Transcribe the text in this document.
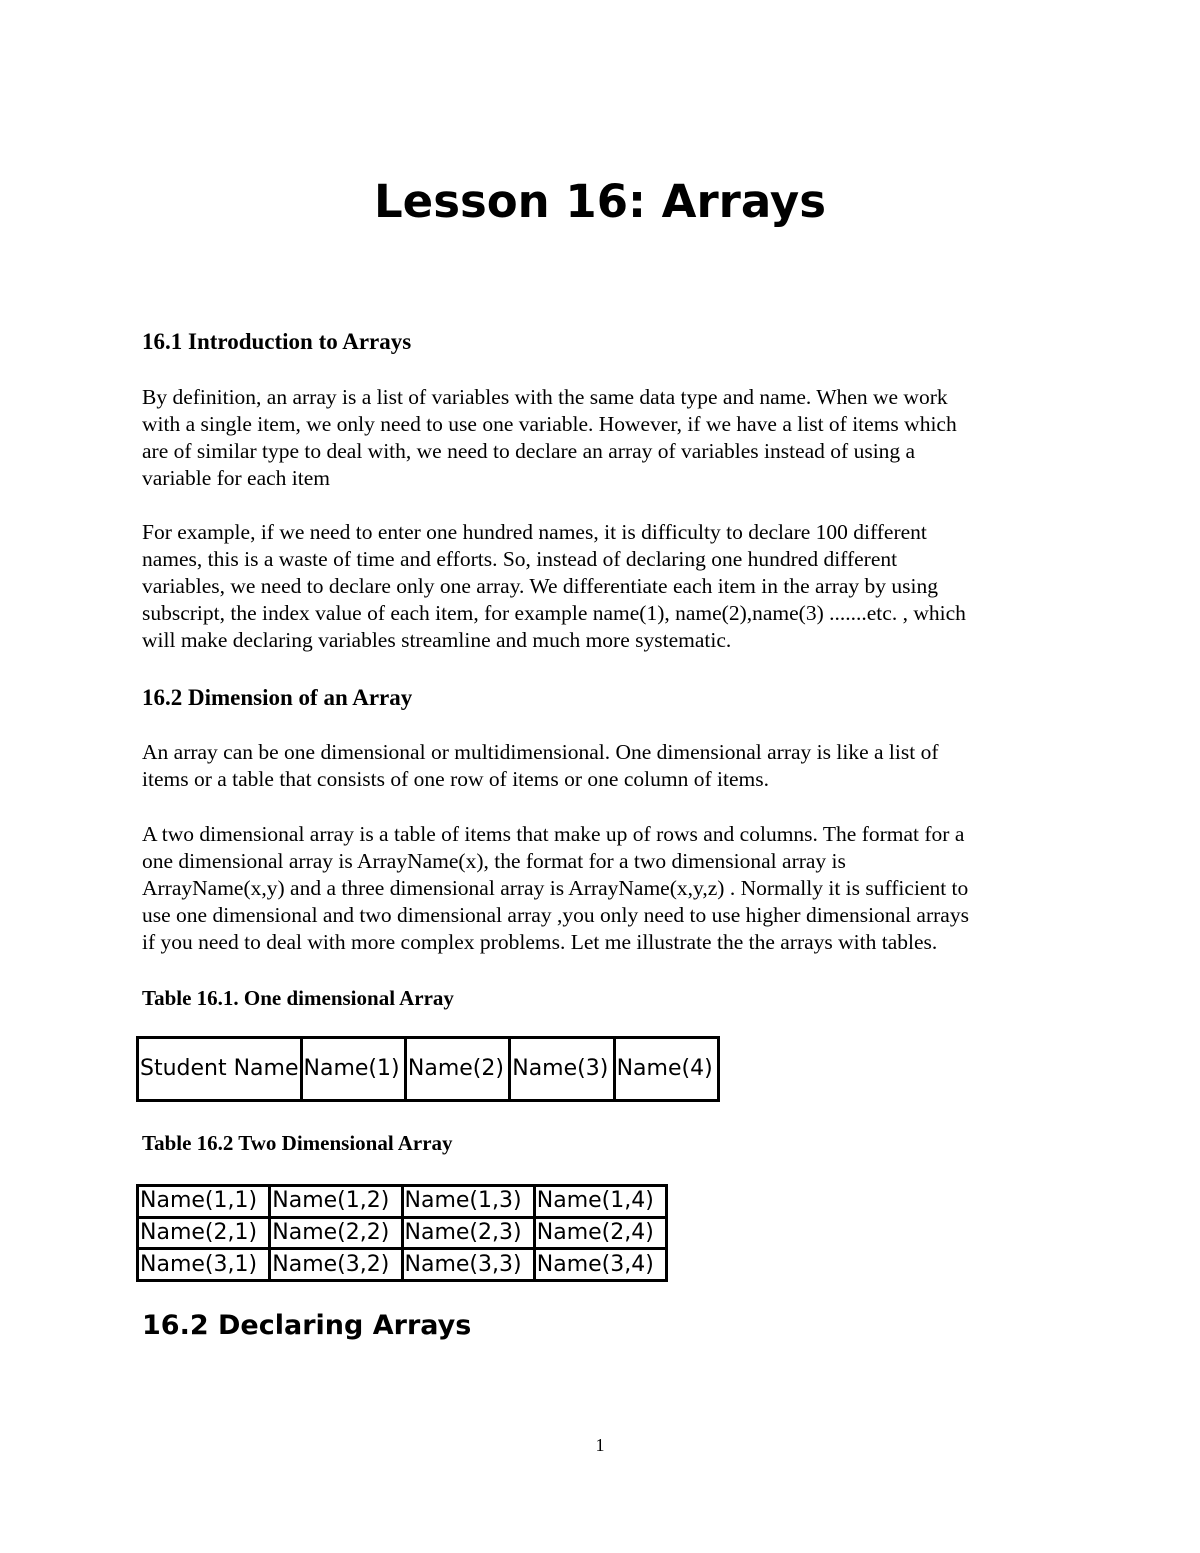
Lesson 16: Arrays
16.1 Introduction to Arrays

By definition, an array is a list of variables with the same data type and name. When we work
with a single item, we only need to use one variable. However, if we have a list of items which
are of similar type to deal with, we need to declare an array of variables instead of using a
variable for each item

For example, if we need to enter one hundred names, it is difficulty to declare 100 different
names, this is a waste of time and efforts. So, instead of declaring one hundred different
variables, we need to declare only one array. We differentiate each item in the array by using
subscript, the index value of each item, for example name(1), name(2),name(3) .......etc. , which
will make declaring variables streamline and much more systematic.

16.2 Dimension of an Array

An array can be one dimensional or multidimensional. One dimensional array is like a list of
items or a table that consists of one row of items or one column of items.

A two dimensional array is a table of items that make up of rows and columns. The format for a
one dimensional array is ArrayName(x), the format for a two dimensional array is
ArrayName(x,y) and a three dimensional array is ArrayName(x,y,z) . Normally it is sufficient to
use one dimensional and two dimensional array ,you only need to use higher dimensional arrays
if you need to deal with more complex problems. Let me illustrate the the arrays with tables.

Table 16.1. One dimensional Array

Student Name	Name(1)	Name(2)	Name(3)	Name(4)

Table 16.2 Two Dimensional Array

Name(1,1)	Name(1,2)	Name(1,3)	Name(1,4)
Name(2,1)	Name(2,2)	Name(2,3)	Name(2,4)
Name(3,1)	Name(3,2)	Name(3,3)	Name(3,4)
16.2 Declaring Arrays
1
